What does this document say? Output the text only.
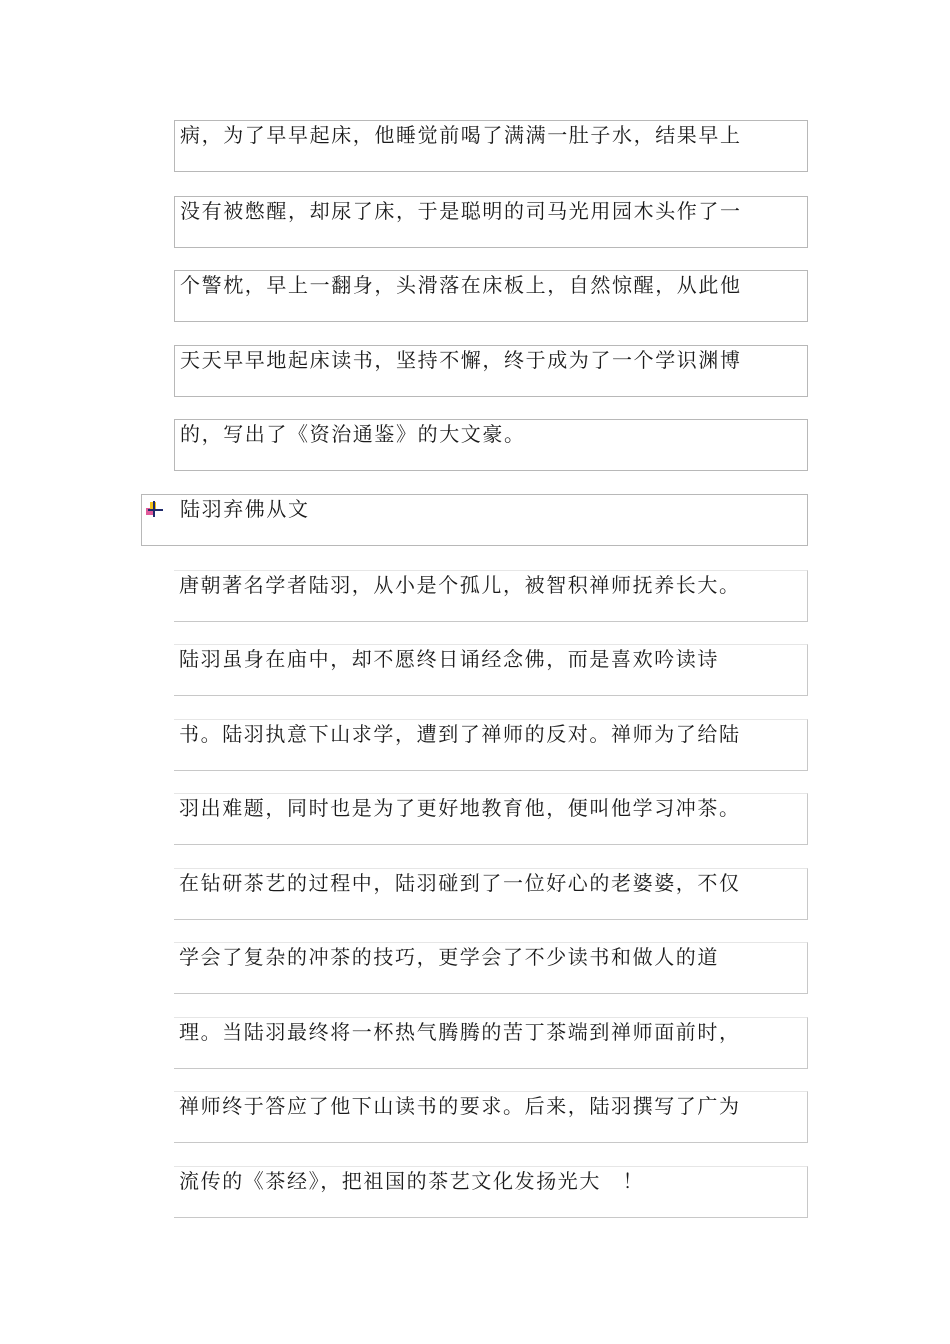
病，为了早早起床，他睡觉前喝了满满一肚子水，结果早上
没有被憋醒，却尿了床，于是聪明的司马光用园木头作了一
个警枕，早上一翻身，头滑落在床板上，自然惊醒，从此他
天天早早地起床读书，坚持不懈，终于成为了一个学识渊博
的，写出了《资治通鉴》的大文豪。
陆羽弃佛从文
唐朝著名学者陆羽，从小是个孤儿，被智积禅师抚养长大。
陆羽虽身在庙中，却不愿终日诵经念佛，而是喜欢吟读诗
书。陆羽执意下山求学，遭到了禅师的反对。禅师为了给陆
羽出难题，同时也是为了更好地教育他，便叫他学习冲茶。
在钻研茶艺的过程中，陆羽碰到了一位好心的老婆婆，不仅
学会了复杂的冲茶的技巧，更学会了不少读书和做人的道
理。当陆羽最终将一杯热气腾腾的苦丁茶端到禅师面前时，
禅师终于答应了他下山读书的要求。后来，陆羽撰写了广为
流传的《茶经》，把祖国的茶艺文化发扬光大　！
